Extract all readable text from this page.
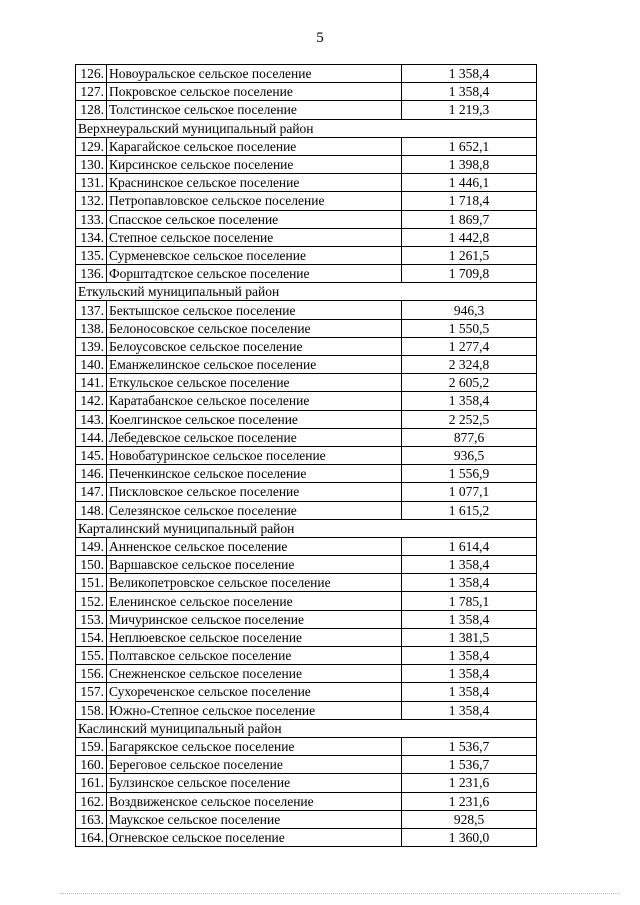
5
126.	Новоуральское сельское поселение	1 358,4
127.	Покровское сельское поселение	1 358,4
128.	Толстинское сельское поселение	1 219,3
Верхнеуральский муниципальный район		
129.	Карагайское сельское поселение	1 652,1
130.	Кирсинское сельское поселение	1 398,8
131.	Краснинское сельское поселение	1 446,1
132.	Петропавловское сельское поселение	1 718,4
133.	Спасское сельское поселение	1 869,7
134.	Степное сельское поселение	1 442,8
135.	Сурменевское сельское поселение	1 261,5
136.	Форштадтское сельское поселение	1 709,8
Еткульский муниципальный район		
137.	Бектышское сельское поселение	946,3
138.	Белоносовское сельское поселение	1 550,5
139.	Белоусовское сельское поселение	1 277,4
140.	Еманжелинское сельское поселение	2 324,8
141.	Еткульское сельское поселение	2 605,2
142.	Каратабанское сельское поселение	1 358,4
143.	Коелгинское сельское поселение	2 252,5
144.	Лебедевское сельское поселение	877,6
145.	Новобатуринское сельское поселение	936,5
146.	Печенкинское сельское поселение	1 556,9
147.	Пискловское сельское поселение	1 077,1
148.	Селезянское сельское поселение	1 615,2
Карталинский муниципальный район		
149.	Анненское сельское поселение	1 614,4
150.	Варшавское сельское поселение	1 358,4
151.	Великопетровское сельское поселение	1 358,4
152.	Еленинское сельское поселение	1 785,1
153.	Мичуринское сельское поселение	1 358,4
154.	Неплюевское сельское поселение	1 381,5
155.	Полтавское сельское поселение	1 358,4
156.	Снежненское сельское поселение	1 358,4
157.	Сухореченское сельское поселение	1 358,4
158.	Южно-Степное сельское поселение	1 358,4
Каслинский муниципальный район		
159.	Багарякское сельское поселение	1 536,7
160.	Береговое сельское поселение	1 536,7
161.	Булзинское сельское поселение	1 231,6
162.	Воздвиженское сельское поселение	1 231,6
163.	Маукское сельское поселение	928,5
164.	Огневское сельское поселение	1 360,0
